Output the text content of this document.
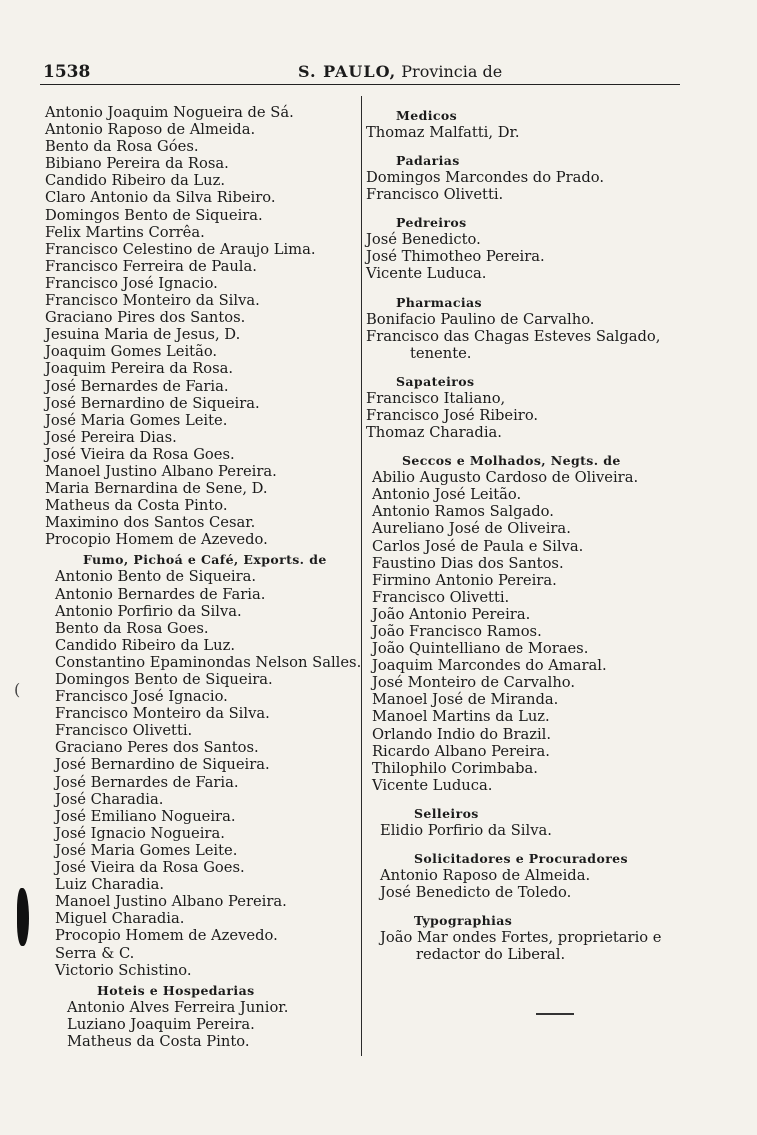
1538	S. PAULO, Provincia de
(
Antonio Joaquim Nogueira de Sá.
Antonio Raposo de Almeida.
Bento da Rosa Góes.
Bibiano Pereira da Rosa.
Candido Ribeiro da Luz.
Claro Antonio da Silva Ribeiro.
Domingos Bento de Siqueira.
Felix Martins Corrêa.
Francisco Celestino de Araujo Lima.
Francisco Ferreira de Paula.
Francisco José Ignacio.
Francisco Monteiro da Silva.
Graciano Pires dos Santos.
Jesuina Maria de Jesus, D.
Joaquim Gomes Leitão.
Joaquim Pereira da Rosa.
José Bernardes de Faria.
José Bernardino de Siqueira.
José Maria Gomes Leite.
José Pereira Dias.
José Vieira da Rosa Goes.
Manoel Justino Albano Pereira.
Maria Bernardina de Sene, D.
Matheus da Costa Pinto.
Maximino dos Santos Cesar.
Procopio Homem de Azevedo.
Fumo, Pichoá e Café, Exports. de
Antonio Bento de Siqueira.
Antonio Bernardes de Faria.
Antonio Porfirio da Silva.
Bento da Rosa Goes.
Candido Ribeiro da Luz.
Constantino Epaminondas Nelson Salles.
Domingos Bento de Siqueira.
Francisco José Ignacio.
Francisco Monteiro da Silva.
Francisco Olivetti.
Graciano Peres dos Santos.
José Bernardino de Siqueira.
José Bernardes de Faria.
José Charadia.
José Emiliano Nogueira.
José Ignacio Nogueira.
José Maria Gomes Leite.
José Vieira da Rosa Goes.
Luiz Charadia.
Manoel Justino Albano Pereira.
Miguel Charadia.
Procopio Homem de Azevedo.
Serra & C.
Victorio Schistino.
Hoteis e Hospedarias
Antonio Alves Ferreira Junior.
Luziano Joaquim Pereira.
Matheus da Costa Pinto.
Medicos
Thomaz Malfatti, Dr.
Padarias
Domingos Marcondes do Prado.
Francisco Olivetti.
Pedreiros
José Benedicto.
José Thimotheo Pereira.
Vicente Luduca.
Pharmacias
Bonifacio Paulino de Carvalho.
Francisco das Chagas Esteves Salgado,
tenente.
Sapateiros
Francisco Italiano,
Francisco José Ribeiro.
Thomaz Charadia.
Seccos e Molhados, Negts. de
Abilio Augusto Cardoso de Oliveira.
Antonio José Leitão.
Antonio Ramos Salgado.
Aureliano José de Oliveira.
Carlos José de Paula e Silva.
Faustino Dias dos Santos.
Firmino Antonio Pereira.
Francisco Olivetti.
João Antonio Pereira.
João Francisco Ramos.
João Quintelliano de Moraes.
Joaquim Marcondes do Amaral.
José Monteiro de Carvalho.
Manoel José de Miranda.
Manoel Martins da Luz.
Orlando Indio do Brazil.
Ricardo Albano Pereira.
Thilophilo Corimbaba.
Vicente Luduca.
Selleiros
Elidio Porfirio da Silva.
Solicitadores e Procuradores
Antonio Raposo de Almeida.
José Benedicto de Toledo.
Typographias
João Mar ondes Fortes, proprietario e
redactor do Liberal.
